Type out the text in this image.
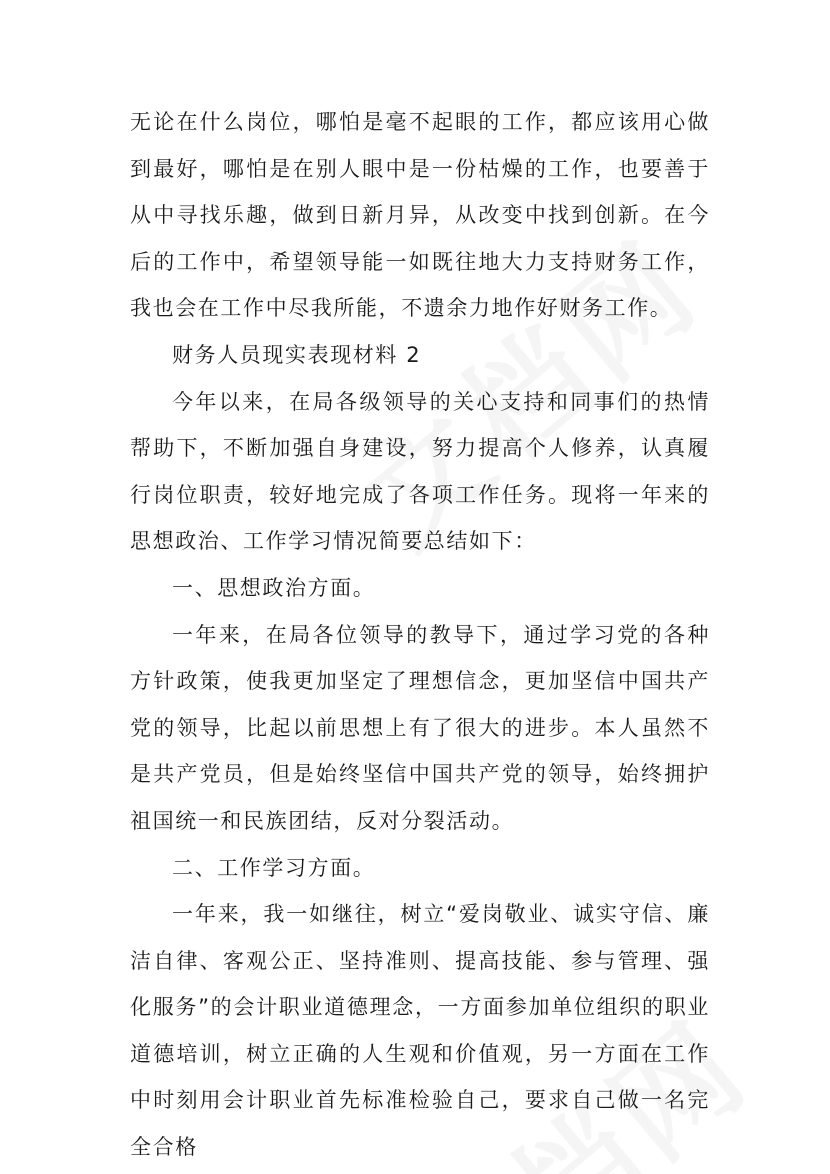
无论在什么岗位，哪怕是毫不起眼的工作，都应该用心做到最好，哪怕是在别人眼中是一份枯燥的工作，也要善于从中寻找乐趣，做到日新月异，从改变中找到创新。在今后的工作中，希望领导能一如既往地大力支持财务工作，我也会在工作中尽我所能，不遗余力地作好财务工作。

财务人员现实表现材料 2

今年以来，在局各级领导的关心支持和同事们的热情帮助下，不断加强自身建设，努力提高个人修养，认真履行岗位职责，较好地完成了各项工作任务。现将一年来的思想政治、工作学习情况简要总结如下：

一、思想政治方面。

一年来，在局各位领导的教导下，通过学习党的各种方针政策，使我更加坚定了理想信念，更加坚信中国共产党的领导，比起以前思想上有了很大的进步。本人虽然不是共产党员，但是始终坚信中国共产党的领导，始终拥护祖国统一和民族团结，反对分裂活动。

二、工作学习方面。

一年来，我一如继往，树立“爱岗敬业、诚实守信、廉洁自律、客观公正、坚持准则、提高技能、参与管理、强化服务”的会计职业道德理念，一方面参加单位组织的职业道德培训，树立正确的人生观和价值观，另一方面在工作中时刻用会计职业首先标准检验自己，要求自己做一名完全合格
